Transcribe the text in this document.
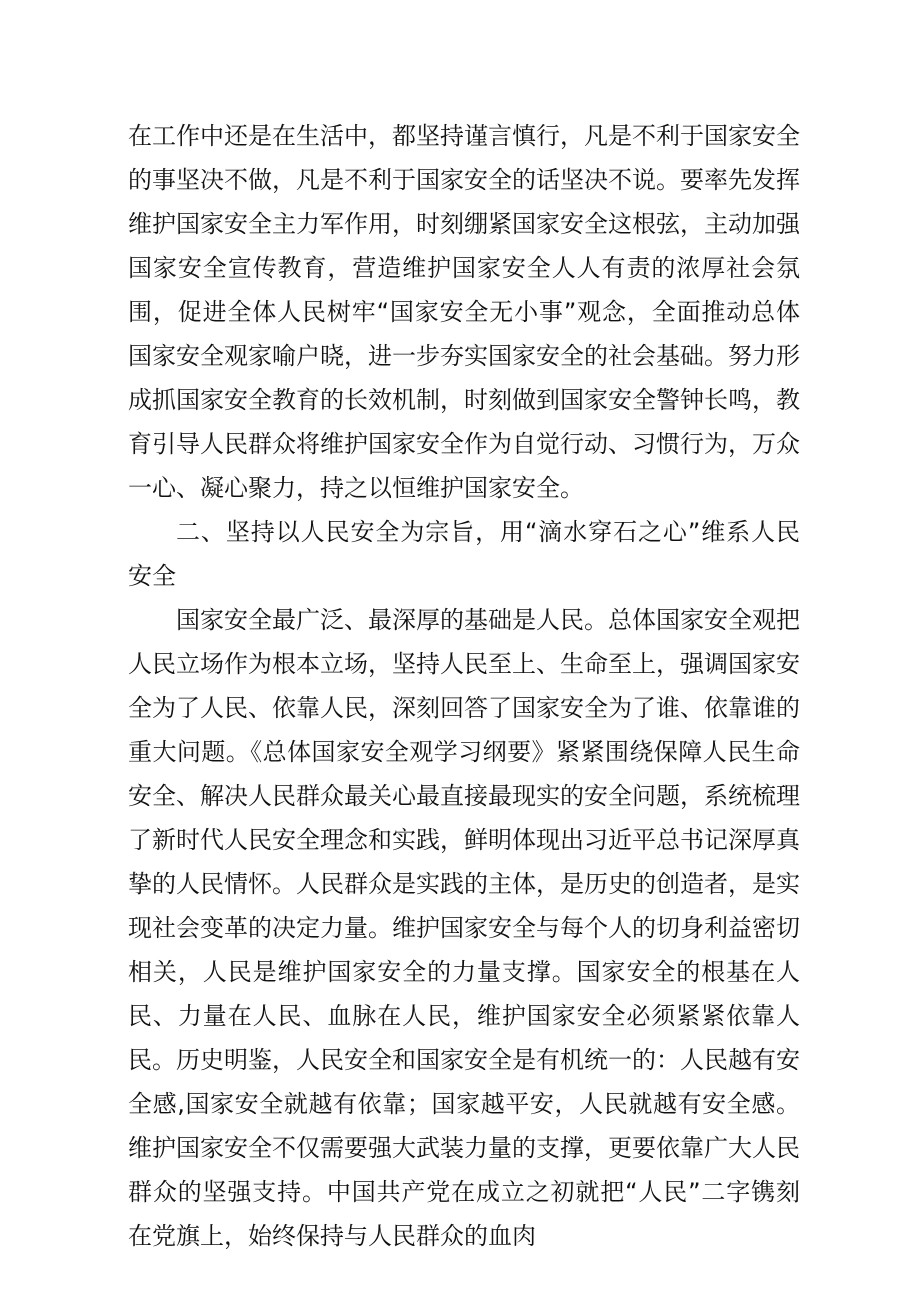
在工作中还是在生活中，都坚持谨言慎行，凡是不利于国家安全的事坚决不做，凡是不利于国家安全的话坚决不说。要率先发挥维护国家安全主力军作用，时刻绷紧国家安全这根弦，主动加强国家安全宣传教育，营造维护国家安全人人有责的浓厚社会氛围，促进全体人民树牢“国家安全无小事”观念，全面推动总体国家安全观家喻户晓，进一步夯实国家安全的社会基础。努力形成抓国家安全教育的长效机制，时刻做到国家安全警钟长鸣，教育引导人民群众将维护国家安全作为自觉行动、习惯行为，万众一心、凝心聚力，持之以恒维护国家安全。

二、坚持以人民安全为宗旨，用“滴水穿石之心”维系人民安全

国家安全最广泛、最深厚的基础是人民。总体国家安全观把人民立场作为根本立场，坚持人民至上、生命至上，强调国家安全为了人民、依靠人民，深刻回答了国家安全为了谁、依靠谁的重大问题。《总体国家安全观学习纲要》紧紧围绕保障人民生命安全、解决人民群众最关心最直接最现实的安全问题，系统梳理了新时代人民安全理念和实践，鲜明体现出习近平总书记深厚真挚的人民情怀。人民群众是实践的主体，是历史的创造者，是实现社会变革的决定力量。维护国家安全与每个人的切身利益密切相关，人民是维护国家安全的力量支撑。国家安全的根基在人民、力量在人民、血脉在人民，维护国家安全必须紧紧依靠人民。历史明鉴，人民安全和国家安全是有机统一的：人民越有安全感,国家安全就越有依靠；国家越平安，人民就越有安全感。维护国家安全不仅需要强大武装力量的支撑，更要依靠广大人民群众的坚强支持。中国共产党在成立之初就把“人民”二字镌刻在党旗上，始终保持与人民群众的血肉
